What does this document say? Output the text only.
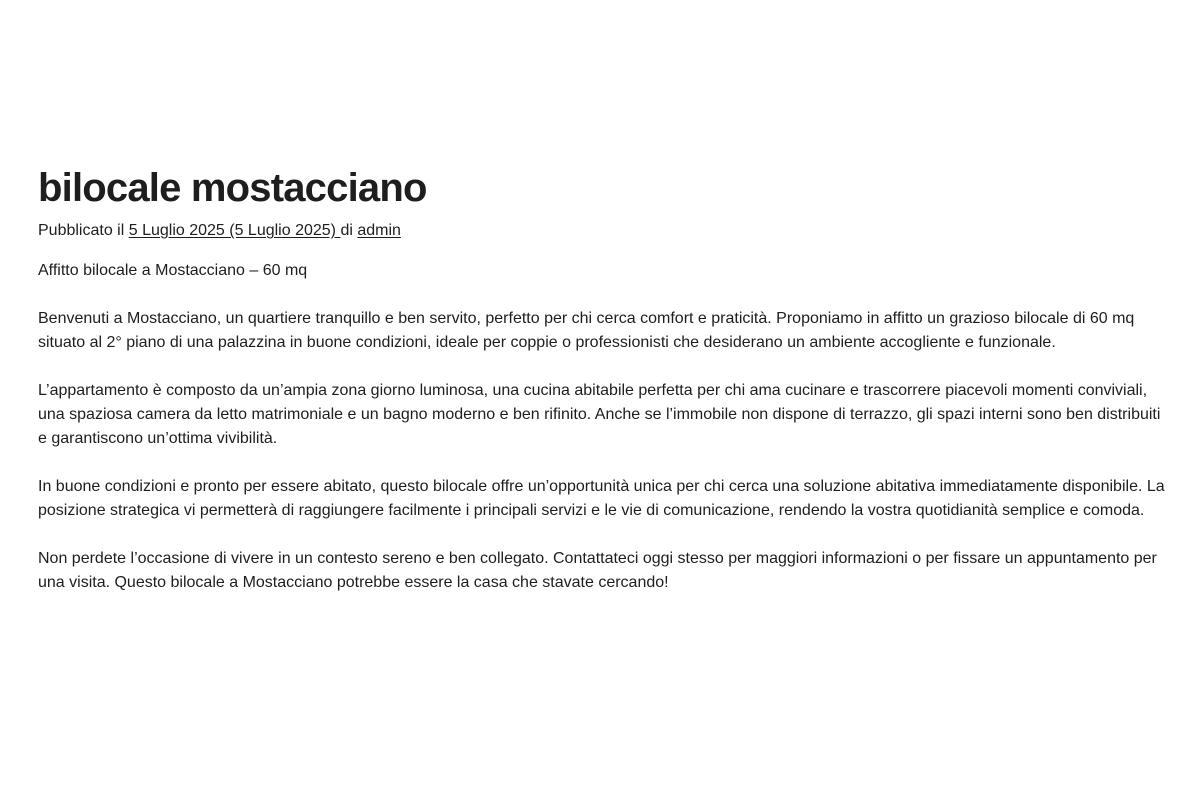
bilocale mostacciano
Pubblicato il 5 Luglio 2025 (5 Luglio 2025) di admin

Affitto bilocale a Mostacciano – 60 mq

Benvenuti a Mostacciano, un quartiere tranquillo e ben servito, perfetto per chi cerca comfort e praticità. Proponiamo in affitto un grazioso bilocale di 60 mq situato al 2° piano di una palazzina in buone condizioni, ideale per coppie o professionisti che desiderano un ambiente accogliente e funzionale.

L’appartamento è composto da un’ampia zona giorno luminosa, una cucina abitabile perfetta per chi ama cucinare e trascorrere piacevoli momenti conviviali, una spaziosa camera da letto matrimoniale e un bagno moderno e ben rifinito. Anche se l’immobile non dispone di terrazzo, gli spazi interni sono ben distribuiti e garantiscono un’ottima vivibilità.

In buone condizioni e pronto per essere abitato, questo bilocale offre un’opportunità unica per chi cerca una soluzione abitativa immediatamente disponibile. La posizione strategica vi permetterà di raggiungere facilmente i principali servizi e le vie di comunicazione, rendendo la vostra quotidianità semplice e comoda.

Non perdete l’occasione di vivere in un contesto sereno e ben collegato. Contattateci oggi stesso per maggiori informazioni o per fissare un appuntamento per una visita. Questo bilocale a Mostacciano potrebbe essere la casa che stavate cercando!
